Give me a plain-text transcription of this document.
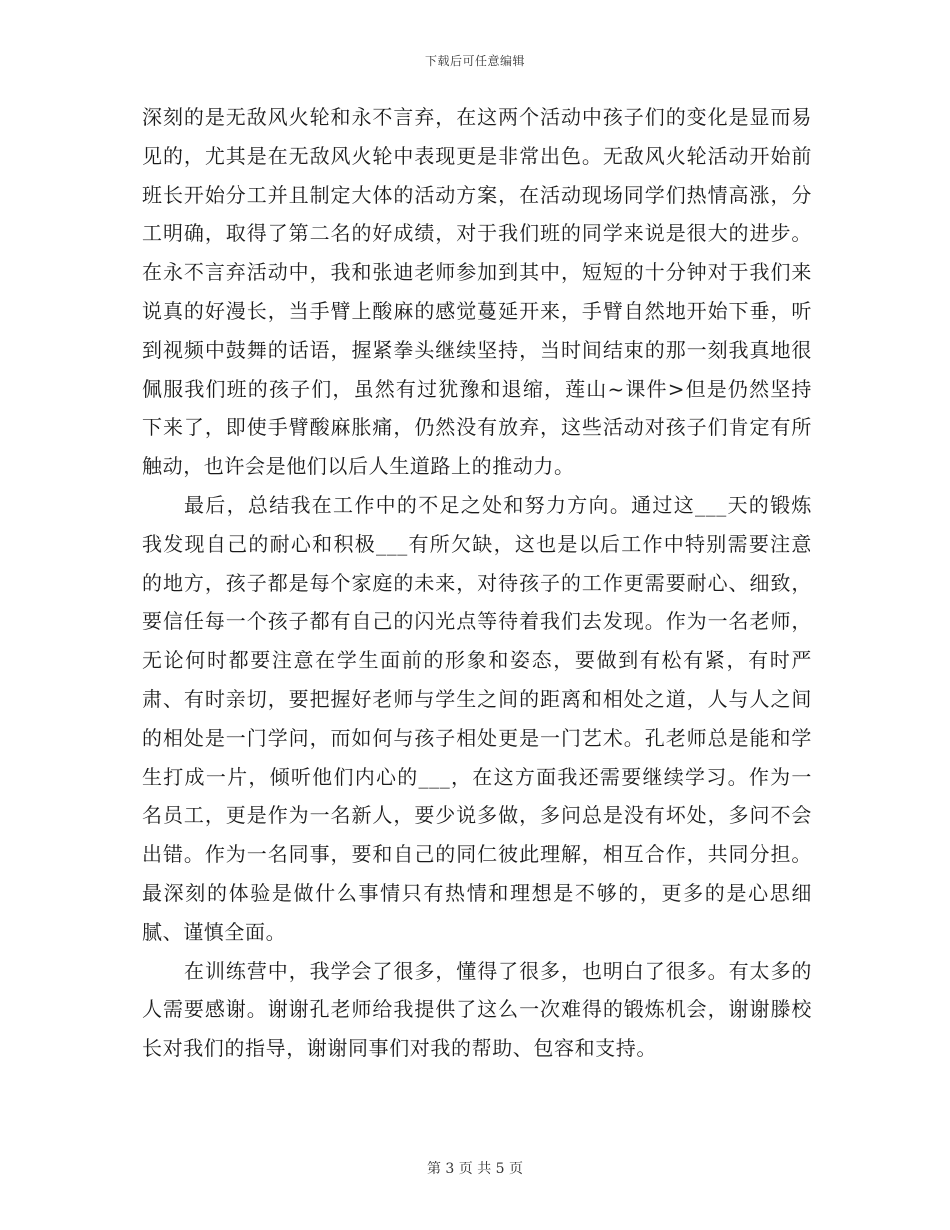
下载后可任意编辑

深刻的是无敌风火轮和永不言弃，在这两个活动中孩子们的变化是显而易见的，尤其是在无敌风火轮中表现更是非常出色。无敌风火轮活动开始前班长开始分工并且制定大体的活动方案，在活动现场同学们热情高涨，分工明确，取得了第二名的好成绩，对于我们班的同学来说是很大的进步。在永不言弃活动中，我和张迪老师参加到其中，短短的十分钟对于我们来说真的好漫长，当手臂上酸麻的感觉蔓延开来，手臂自然地开始下垂，听到视频中鼓舞的话语，握紧拳头继续坚持，当时间结束的那一刻我真地很佩服我们班的孩子们，虽然有过犹豫和退缩，莲山~课件>但是仍然坚持下来了，即使手臂酸麻胀痛，仍然没有放弃，这些活动对孩子们肯定有所触动，也许会是他们以后人生道路上的推动力。

最后，总结我在工作中的不足之处和努力方向。通过这___天的锻炼我发现自己的耐心和积极___有所欠缺，这也是以后工作中特别需要注意的地方，孩子都是每个家庭的未来，对待孩子的工作更需要耐心、细致，要信任每一个孩子都有自己的闪光点等待着我们去发现。作为一名老师，无论何时都要注意在学生面前的形象和姿态，要做到有松有紧，有时严肃、有时亲切，要把握好老师与学生之间的距离和相处之道，人与人之间的相处是一门学问，而如何与孩子相处更是一门艺术。孔老师总是能和学生打成一片，倾听他们内心的___，在这方面我还需要继续学习。作为一名员工，更是作为一名新人，要少说多做，多问总是没有坏处，多问不会出错。作为一名同事，要和自己的同仁彼此理解，相互合作，共同分担。最深刻的体验是做什么事情只有热情和理想是不够的，更多的是心思细腻、谨慎全面。

在训练营中，我学会了很多，懂得了很多，也明白了很多。有太多的人需要感谢。谢谢孔老师给我提供了这么一次难得的锻炼机会，谢谢滕校长对我们的指导，谢谢同事们对我的帮助、包容和支持。

第 3 页 共 5 页
